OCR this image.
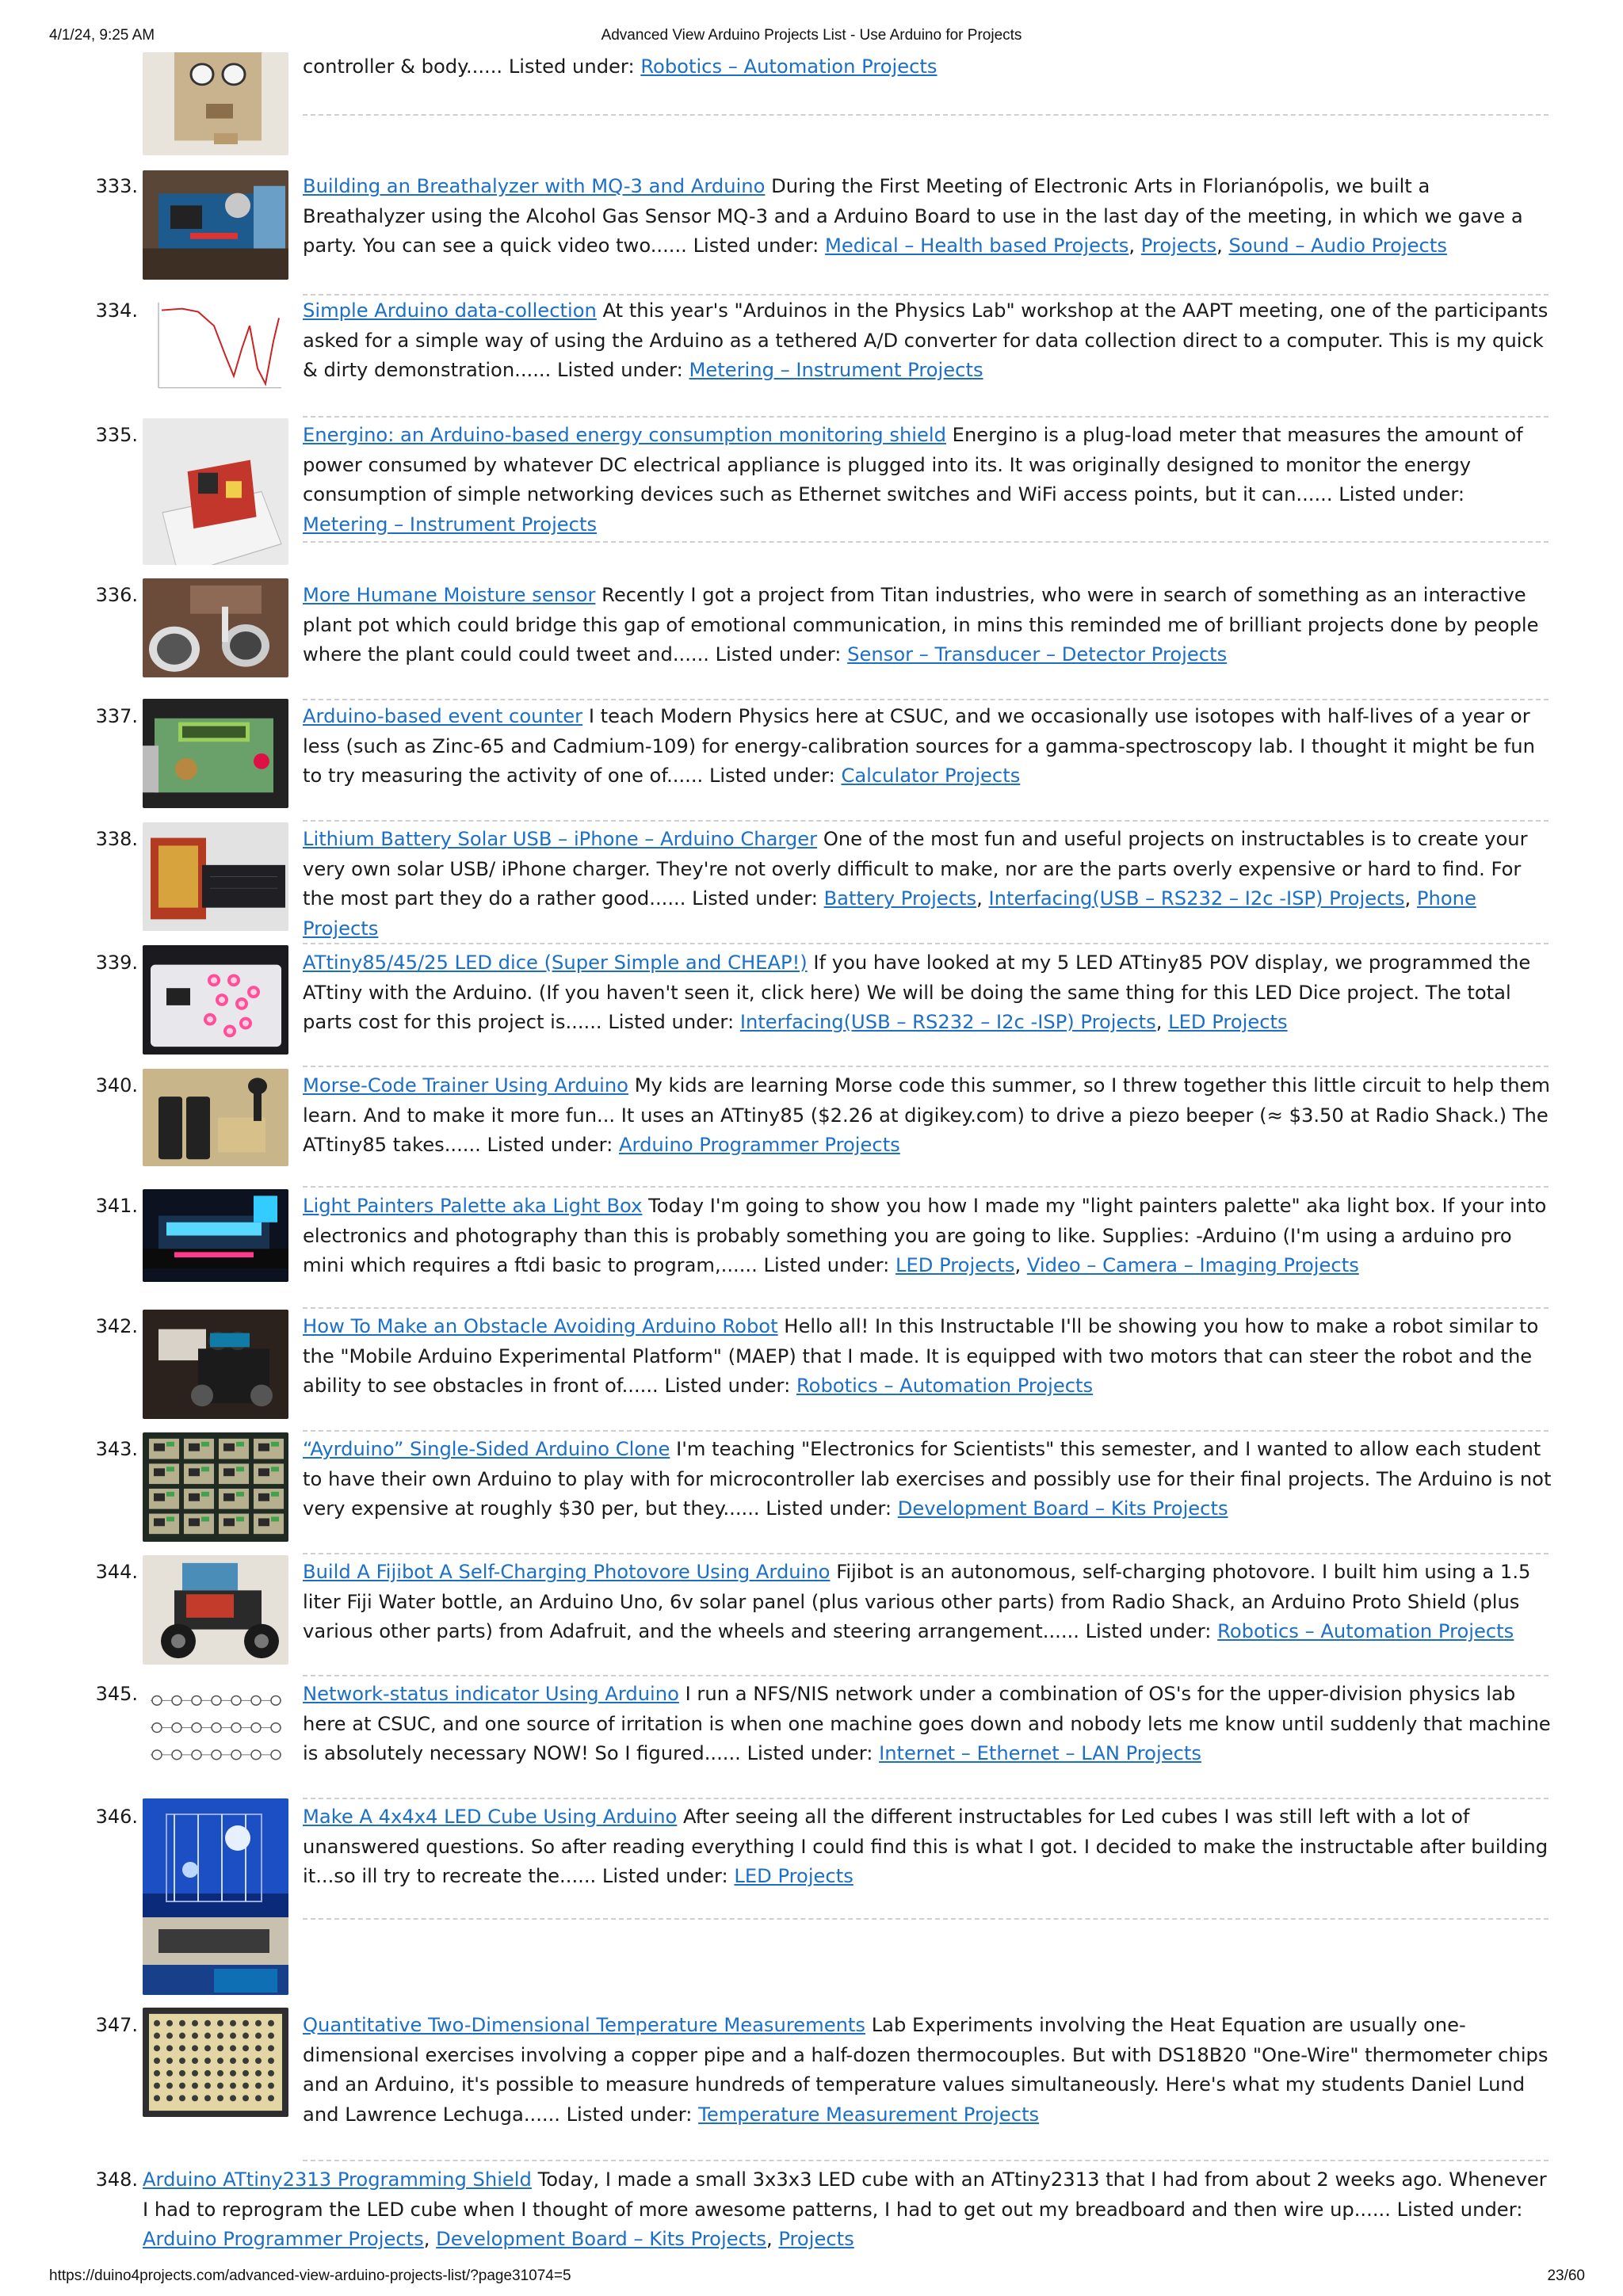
4/1/24, 9:25 AM	Advanced View Arduino Projects List - Use Arduino for Projects
controller & body...... Listed under: Robotics – Automation Projects
333.	Building an Breathalyzer with MQ-3 and Arduino During the First Meeting of Electronic Arts in Florianópolis, we built a Breathalyzer using the Alcohol Gas Sensor MQ-3 and a Arduino Board to use in the last day of the meeting, in which we gave a party. You can see a quick video two...... Listed under: Medical – Health based Projects, Projects, Sound – Audio Projects
334.	Simple Arduino data-collection At this year's "Arduinos in the Physics Lab" workshop at the AAPT meeting, one of the participants asked for a simple way of using the Arduino as a tethered A/D converter for data collection direct to a computer. This is my quick & dirty demonstration...... Listed under: Metering – Instrument Projects
335.	Energino: an Arduino-based energy consumption monitoring shield Energino is a plug-load meter that measures the amount of power consumed by whatever DC electrical appliance is plugged into its. It was originally designed to monitor the energy consumption of simple networking devices such as Ethernet switches and WiFi access points, but it can...... Listed under: Metering – Instrument Projects
336.	More Humane Moisture sensor Recently I got a project from Titan industries, who were in search of something as an interactive plant pot which could bridge this gap of emotional communication, in mins this reminded me of brilliant projects done by people where the plant could could tweet and...... Listed under: Sensor – Transducer – Detector Projects
337.	Arduino-based event counter I teach Modern Physics here at CSUC, and we occasionally use isotopes with half-lives of a year or less (such as Zinc-65 and Cadmium-109) for energy-calibration sources for a gamma-spectroscopy lab. I thought it might be fun to try measuring the activity of one of...... Listed under: Calculator Projects
338.	Lithium Battery Solar USB – iPhone – Arduino Charger One of the most fun and useful projects on instructables is to create your very own solar USB/ iPhone charger. They're not overly difficult to make, nor are the parts overly expensive or hard to find. For the most part they do a rather good...... Listed under: Battery Projects, Interfacing(USB – RS232 – I2c -ISP) Projects, Phone Projects
339.	ATtiny85/45/25 LED dice (Super Simple and CHEAP!) If you have looked at my 5 LED ATtiny85 POV display, we programmed the ATtiny with the Arduino. (If you haven't seen it, click here) We will be doing the same thing for this LED Dice project. The total parts cost for this project is...... Listed under: Interfacing(USB – RS232 – I2c -ISP) Projects, LED Projects
340.	Morse-Code Trainer Using Arduino My kids are learning Morse code this summer, so I threw together this little circuit to help them learn. And to make it more fun... It uses an ATtiny85 ($2.26 at digikey.com) to drive a piezo beeper (≈ $3.50 at Radio Shack.) The ATtiny85 takes...... Listed under: Arduino Programmer Projects
341.	Light Painters Palette aka Light Box Today I'm going to show you how I made my "light painters palette" aka light box. If your into electronics and photography than this is probably something you are going to like. Supplies: -Arduino (I'm using a arduino pro mini which requires a ftdi basic to program,...... Listed under: LED Projects, Video – Camera – Imaging Projects
342.	How To Make an Obstacle Avoiding Arduino Robot Hello all! In this Instructable I'll be showing you how to make a robot similar to the "Mobile Arduino Experimental Platform" (MAEP) that I made. It is equipped with two motors that can steer the robot and the ability to see obstacles in front of...... Listed under: Robotics – Automation Projects
343.	“Ayrduino” Single-Sided Arduino Clone I'm teaching "Electronics for Scientists" this semester, and I wanted to allow each student to have their own Arduino to play with for microcontroller lab exercises and possibly use for their final projects. The Arduino is not very expensive at roughly $30 per, but they...... Listed under: Development Board – Kits Projects
344.	Build A Fijibot A Self-Charging Photovore Using Arduino Fijibot is an autonomous, self-charging photovore. I built him using a 1.5 liter Fiji Water bottle, an Arduino Uno, 6v solar panel (plus various other parts) from Radio Shack, an Arduino Proto Shield (plus various other parts) from Adafruit, and the wheels and steering arrangement...... Listed under: Robotics – Automation Projects
345.	Network-status indicator Using Arduino I run a NFS/NIS network under a combination of OS's for the upper-division physics lab here at CSUC, and one source of irritation is when one machine goes down and nobody lets me know until suddenly that machine is absolutely necessary NOW! So I figured...... Listed under: Internet – Ethernet – LAN Projects
346.	Make A 4x4x4 LED Cube Using Arduino After seeing all the different instructables for Led cubes I was still left with a lot of unanswered questions. So after reading everything I could find this is what I got. I decided to make the instructable after building it...so ill try to recreate the...... Listed under: LED Projects
347.	Quantitative Two-Dimensional Temperature Measurements Lab Experiments involving the Heat Equation are usually one-dimensional exercises involving a copper pipe and a half-dozen thermocouples. But with DS18B20 "One-Wire" thermometer chips and an Arduino, it's possible to measure hundreds of temperature values simultaneously. Here's what my students Daniel Lund and Lawrence Lechuga...... Listed under: Temperature Measurement Projects
348. Arduino ATtiny2313 Programming Shield Today, I made a small 3x3x3 LED cube with an ATtiny2313 that I had from about 2 weeks ago. Whenever I had to reprogram the LED cube when I thought of more awesome patterns, I had to get out my breadboard and then wire up...... Listed under: Arduino Programmer Projects, Development Board – Kits Projects, Projects
https://duino4projects.com/advanced-view-arduino-projects-list/?page31074=5	23/60
